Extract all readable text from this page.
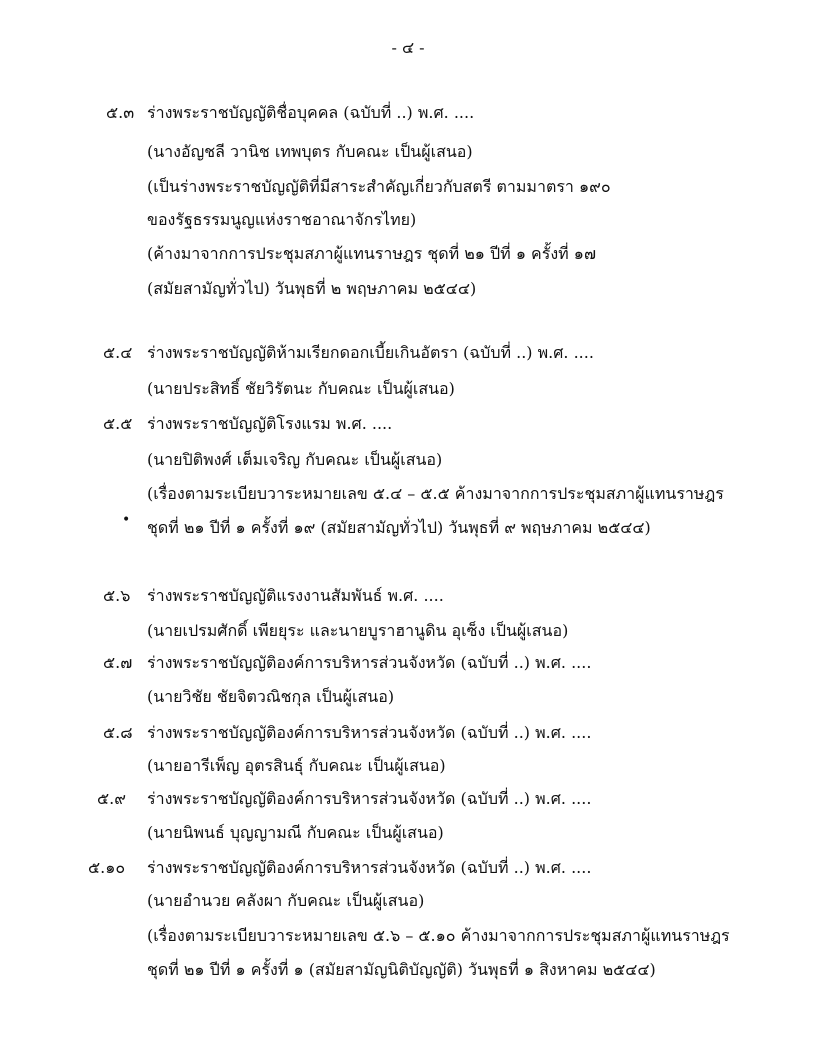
- ๔ -
๕.๓ ร่างพระราชบัญญัติชื่อบุคคล (ฉบับที่ ..) พ.ศ. ....
(นางอัญชลี วานิช เทพบุตร กับคณะ เป็นผู้เสนอ)
(เป็นร่างพระราชบัญญัติที่มีสาระสำคัญเกี่ยวกับสตรี ตามมาตรา ๑๙๐
ของรัฐธรรมนูญแห่งราชอาณาจักรไทย)
(ค้างมาจากการประชุมสภาผู้แทนราษฎร ชุดที่ ๒๑ ปีที่ ๑ ครั้งที่ ๑๗
(สมัยสามัญทั่วไป) วันพุธที่ ๒ พฤษภาคม ๒๕๔๔)
๕.๔ ร่างพระราชบัญญัติห้ามเรียกดอกเบี้ยเกินอัตรา (ฉบับที่ ..) พ.ศ. ....
(นายประสิทธิ์ ชัยวิรัตนะ กับคณะ เป็นผู้เสนอ)
๕.๕ ร่างพระราชบัญญัติโรงแรม พ.ศ. ....
(นายปิติพงศ์ เต็มเจริญ กับคณะ เป็นผู้เสนอ)
(เรื่องตามระเบียบวาระหมายเลข ๕.๔ – ๕.๕ ค้างมาจากการประชุมสภาผู้แทนราษฎร
• ชุดที่ ๒๑ ปีที่ ๑ ครั้งที่ ๑๙ (สมัยสามัญทั่วไป) วันพุธที่ ๙ พฤษภาคม ๒๕๔๔)
๕.๖ ร่างพระราชบัญญัติแรงงานสัมพันธ์ พ.ศ. ....
(นายเปรมศักดิ์ เพียยุระ และนายบูราฮานูดิน อุเซ็ง เป็นผู้เสนอ)
๕.๗ ร่างพระราชบัญญัติองค์การบริหารส่วนจังหวัด (ฉบับที่ ..) พ.ศ. ....
(นายวิชัย ชัยจิตวณิชกุล เป็นผู้เสนอ)
๕.๘ ร่างพระราชบัญญัติองค์การบริหารส่วนจังหวัด (ฉบับที่ ..) พ.ศ. ....
(นายอารีเพ็ญ อุตรสินธุ์ กับคณะ เป็นผู้เสนอ)
๕.๙ ร่างพระราชบัญญัติองค์การบริหารส่วนจังหวัด (ฉบับที่ ..) พ.ศ. ....
(นายนิพนธ์ บุญญามณี กับคณะ เป็นผู้เสนอ)
๕.๑๐ ร่างพระราชบัญญัติองค์การบริหารส่วนจังหวัด (ฉบับที่ ..) พ.ศ. ....
(นายอำนวย คลังผา กับคณะ เป็นผู้เสนอ)
(เรื่องตามระเบียบวาระหมายเลข ๕.๖ – ๕.๑๐ ค้างมาจากการประชุมสภาผู้แทนราษฎร
ชุดที่ ๒๑ ปีที่ ๑ ครั้งที่ ๑ (สมัยสามัญนิติบัญญัติ) วันพุธที่ ๑ สิงหาคม ๒๕๔๔)
